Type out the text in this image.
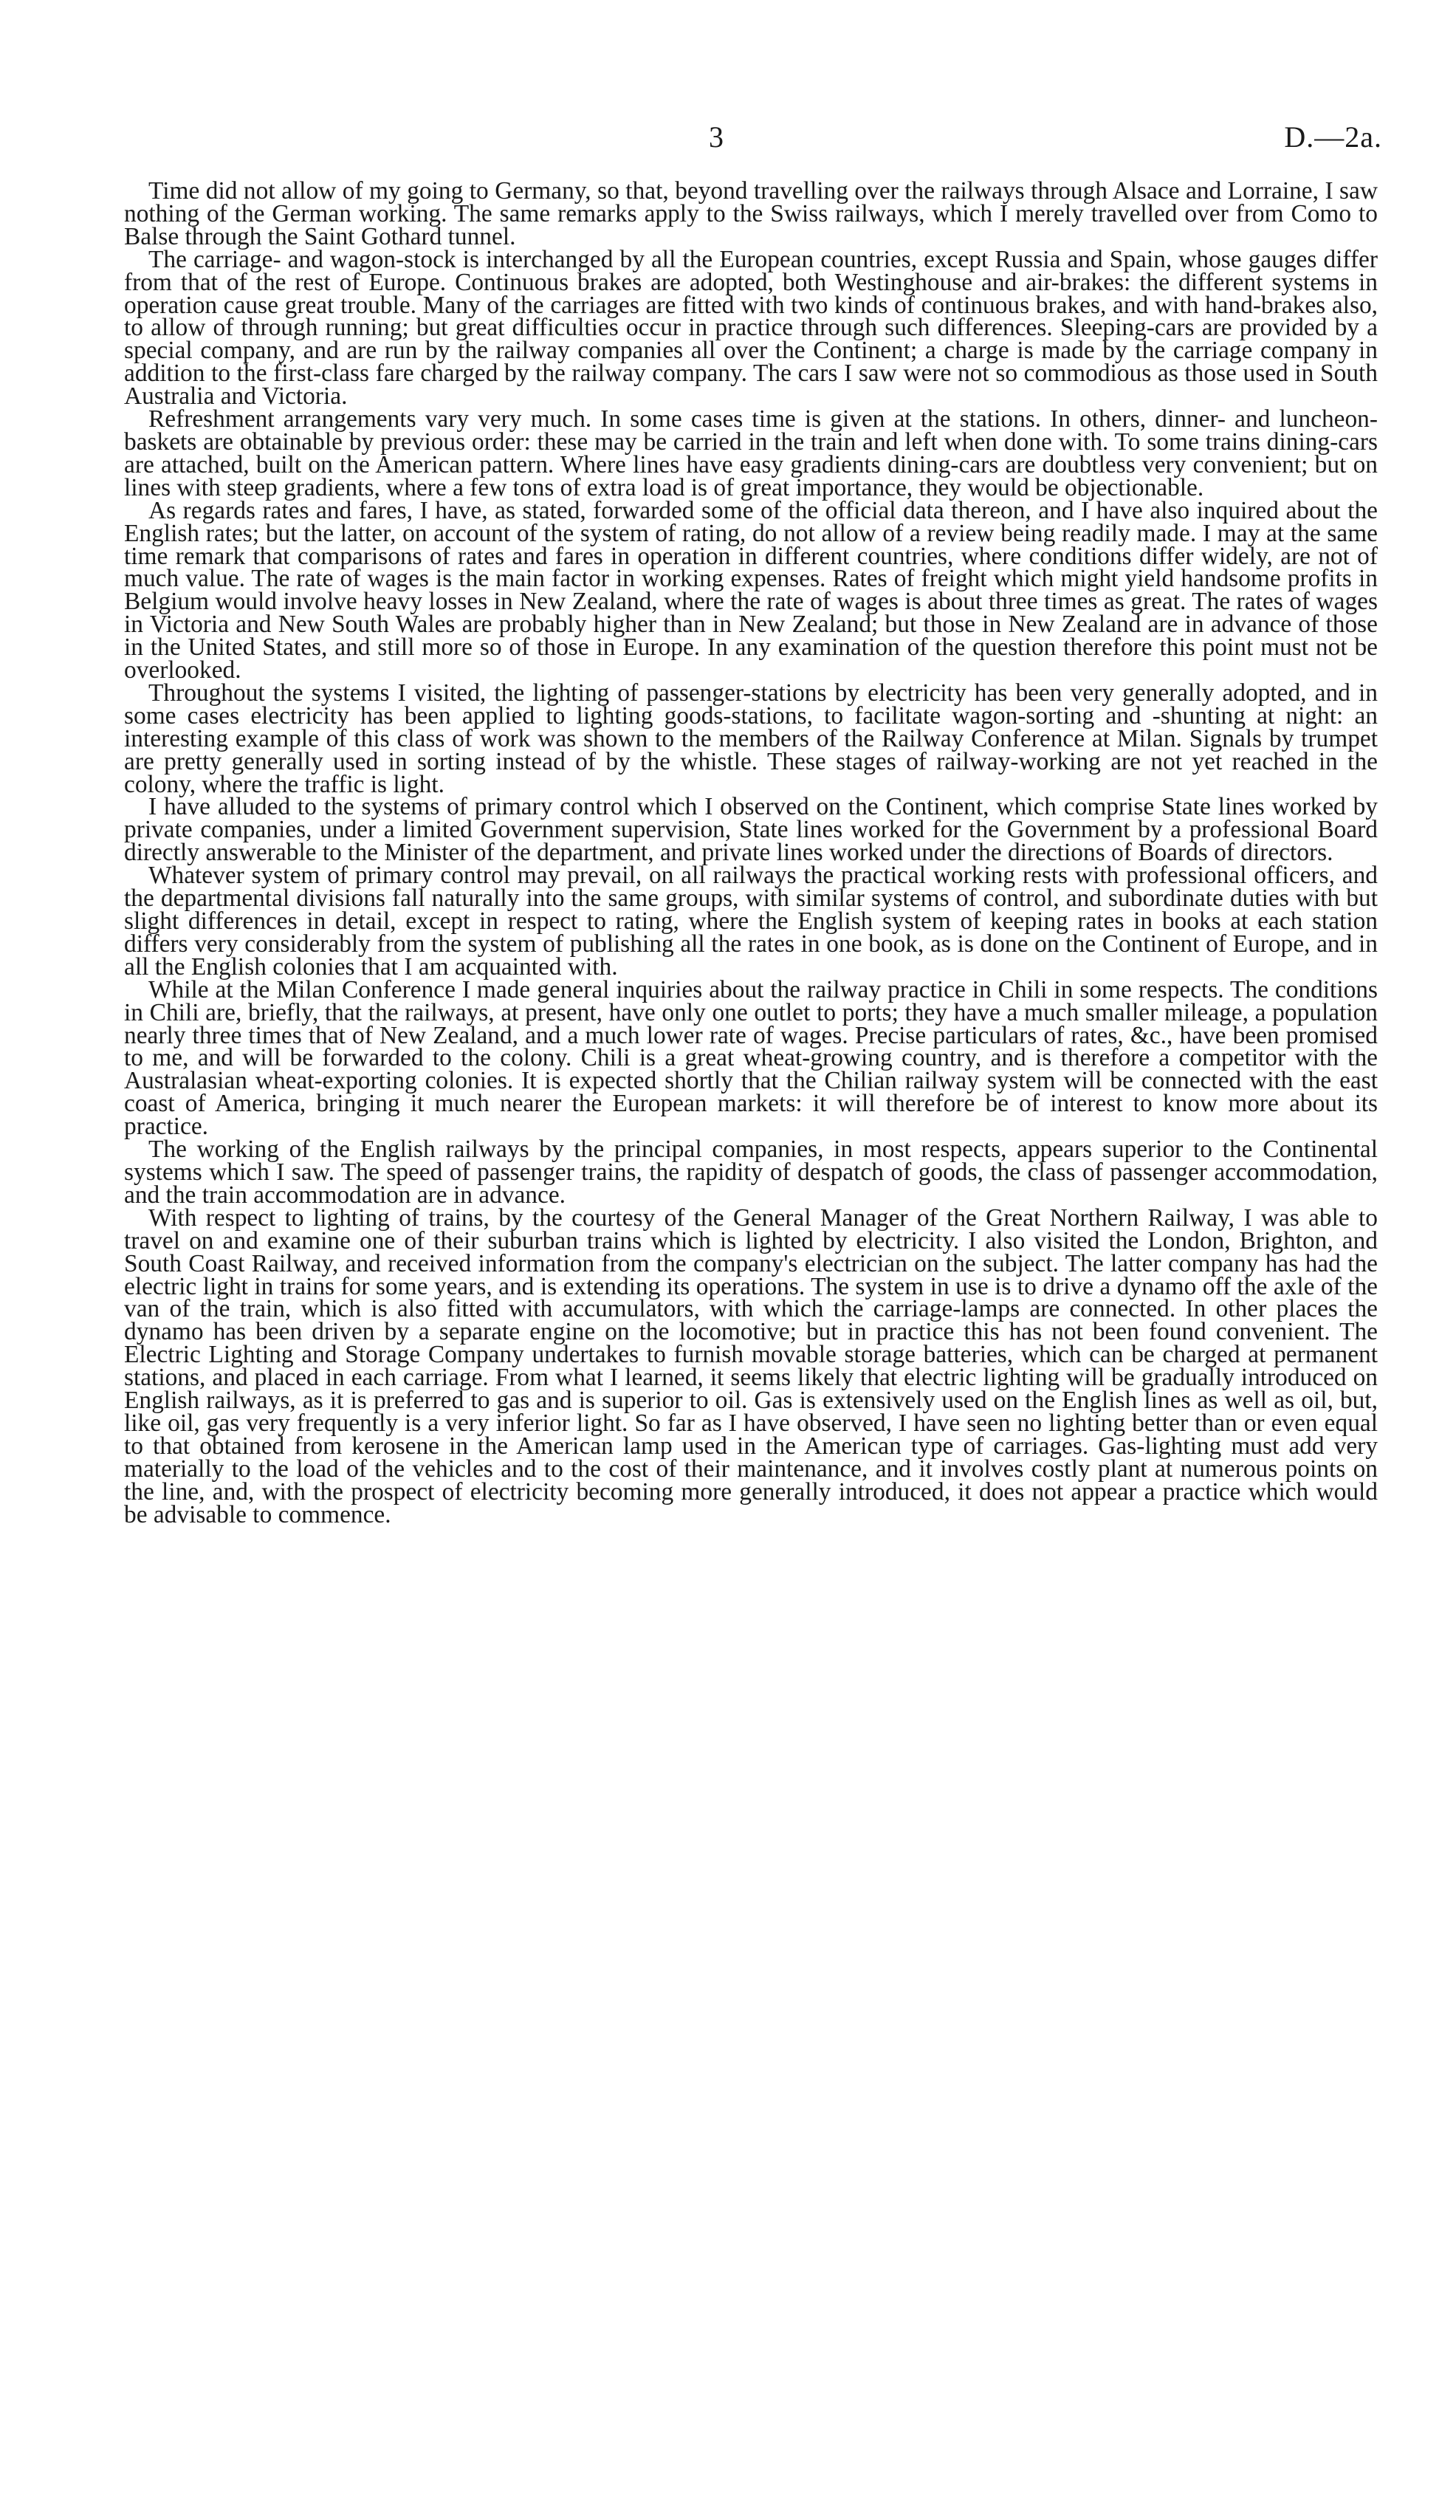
3	D.—2a.

Time did not allow of my going to Germany, so that, beyond travelling over the railways through Alsace and Lorraine, I saw nothing of the German working. The same remarks apply to the Swiss railways, which I merely travelled over from Como to Balse through the Saint Gothard tunnel.

The carriage- and wagon-stock is interchanged by all the European countries, except Russia and Spain, whose gauges differ from that of the rest of Europe. Continuous brakes are adopted, both Westinghouse and air-brakes: the different systems in operation cause great trouble. Many of the carriages are fitted with two kinds of continuous brakes, and with hand-brakes also, to allow of through running; but great difficulties occur in practice through such differences. Sleeping-cars are provided by a special company, and are run by the railway companies all over the Continent; a charge is made by the carriage company in addition to the first-class fare charged by the railway company. The cars I saw were not so commodious as those used in South Australia and Victoria.

Refreshment arrangements vary very much. In some cases time is given at the stations. In others, dinner- and luncheon-baskets are obtainable by previous order: these may be carried in the train and left when done with. To some trains dining-cars are attached, built on the American pattern. Where lines have easy gradients dining-cars are doubtless very convenient; but on lines with steep gradients, where a few tons of extra load is of great importance, they would be objectionable.

As regards rates and fares, I have, as stated, forwarded some of the official data thereon, and I have also inquired about the English rates; but the latter, on account of the system of rating, do not allow of a review being readily made. I may at the same time remark that comparisons of rates and fares in operation in different countries, where conditions differ widely, are not of much value. The rate of wages is the main factor in working expenses. Rates of freight which might yield handsome profits in Belgium would involve heavy losses in New Zealand, where the rate of wages is about three times as great. The rates of wages in Victoria and New South Wales are probably higher than in New Zealand; but those in New Zealand are in advance of those in the United States, and still more so of those in Europe. In any examination of the question therefore this point must not be overlooked.

Throughout the systems I visited, the lighting of passenger-stations by electricity has been very generally adopted, and in some cases electricity has been applied to lighting goods-stations, to facilitate wagon-sorting and -shunting at night: an interesting example of this class of work was shown to the members of the Railway Conference at Milan. Signals by trumpet are pretty generally used in sorting instead of by the whistle. These stages of railway-working are not yet reached in the colony, where the traffic is light.

I have alluded to the systems of primary control which I observed on the Continent, which comprise State lines worked by private companies, under a limited Government supervision, State lines worked for the Government by a professional Board directly answerable to the Minister of the department, and private lines worked under the directions of Boards of directors.

Whatever system of primary control may prevail, on all railways the practical working rests with professional officers, and the departmental divisions fall naturally into the same groups, with similar systems of control, and subordinate duties with but slight differences in detail, except in respect to rating, where the English system of keeping rates in books at each station differs very considerably from the system of publishing all the rates in one book, as is done on the Continent of Europe, and in all the English colonies that I am acquainted with.

While at the Milan Conference I made general inquiries about the railway practice in Chili in some respects. The conditions in Chili are, briefly, that the railways, at present, have only one outlet to ports; they have a much smaller mileage, a population nearly three times that of New Zealand, and a much lower rate of wages. Precise particulars of rates, &c., have been promised to me, and will be forwarded to the colony. Chili is a great wheat-growing country, and is therefore a competitor with the Australasian wheat-exporting colonies. It is expected shortly that the Chilian railway system will be connected with the east coast of America, bringing it much nearer the European markets: it will therefore be of interest to know more about its practice.

The working of the English railways by the principal companies, in most respects, appears superior to the Continental systems which I saw. The speed of passenger trains, the rapidity of despatch of goods, the class of passenger accommodation, and the train accommodation are in advance.

With respect to lighting of trains, by the courtesy of the General Manager of the Great Northern Railway, I was able to travel on and examine one of their suburban trains which is lighted by electricity. I also visited the London, Brighton, and South Coast Railway, and received information from the company's electrician on the subject. The latter company has had the electric light in trains for some years, and is extending its operations. The system in use is to drive a dynamo off the axle of the van of the train, which is also fitted with accumulators, with which the carriage-lamps are connected. In other places the dynamo has been driven by a separate engine on the locomotive; but in practice this has not been found convenient. The Electric Lighting and Storage Company undertakes to furnish movable storage batteries, which can be charged at permanent stations, and placed in each carriage. From what I learned, it seems likely that electric lighting will be gradually introduced on English railways, as it is preferred to gas and is superior to oil. Gas is extensively used on the English lines as well as oil, but, like oil, gas very frequently is a very inferior light. So far as I have observed, I have seen no lighting better than or even equal to that obtained from kerosene in the American lamp used in the American type of carriages. Gas-lighting must add very materially to the load of the vehicles and to the cost of their maintenance, and it involves costly plant at numerous points on the line, and, with the prospect of electricity becoming more generally introduced, it does not appear a practice which would be advisable to commence.
